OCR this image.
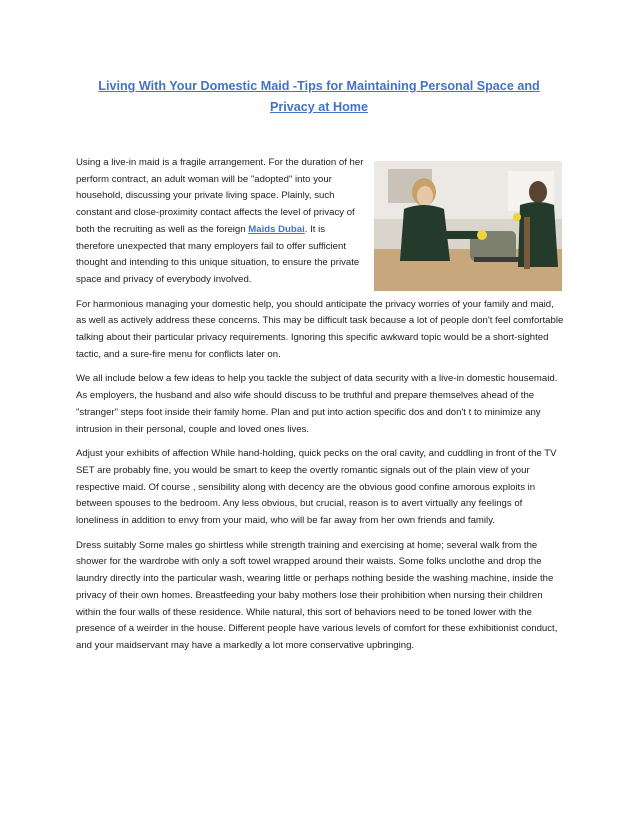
Living With Your Domestic Maid -Tips for Maintaining Personal Space and Privacy at Home

Using a live-in maid is a fragile arrangement. For the duration of her perform contract, an adult woman will be "adopted" into your household, discussing your private living space. Plainly, such constant and close-proximity contact affects the level of privacy of both the recruiting as well as the foreign Maids Dubai. It is therefore unexpected that many employers fail to offer sufficient thought and intending to this unique situation, to ensure the private space and privacy of everybody involved.

For harmonious managing your domestic help, you should anticipate the privacy worries of your family and maid, as well as actively address these concerns. This may be difficult task because a lot of people don't feel comfortable talking about their particular privacy requirements. Ignoring this specific awkward topic would be a short-sighted tactic, and a sure-fire menu for conflicts later on.

We all include below a few ideas to help you tackle the subject of data security with a live-in domestic housemaid. As employers, the husband and also wife should discuss to be truthful and prepare themselves ahead of the "stranger" steps foot inside their family home. Plan and put into action specific dos and don't t to minimize any intrusion in their personal, couple and loved ones lives.

Adjust your exhibits of affection While hand-holding, quick pecks on the oral cavity, and cuddling in front of the TV SET are probably fine, you would be smart to keep the overtly romantic signals out of the plain view of your respective maid. Of course , sensibility along with decency are the obvious good confine amorous exploits in between spouses to the bedroom. Any less obvious, but crucial, reason is to avert virtually any feelings of loneliness in addition to envy from your maid, who will be far away from her own friends and family.

Dress suitably Some males go shirtless while strength training and exercising at home; several walk from the shower for the wardrobe with only a soft towel wrapped around their waists. Some folks unclothe and drop the laundry directly into the particular wash, wearing little or perhaps nothing beside the washing machine, inside the privacy of their own homes. Breastfeeding your baby mothers lose their prohibition when nursing their children within the four walls of these residence. While natural, this sort of behaviors need to be toned lower with the presence of a weirder in the house. Different people have various levels of comfort for these exhibitionist conduct, and your maidservant may have a markedly a lot more conservative upbringing.
